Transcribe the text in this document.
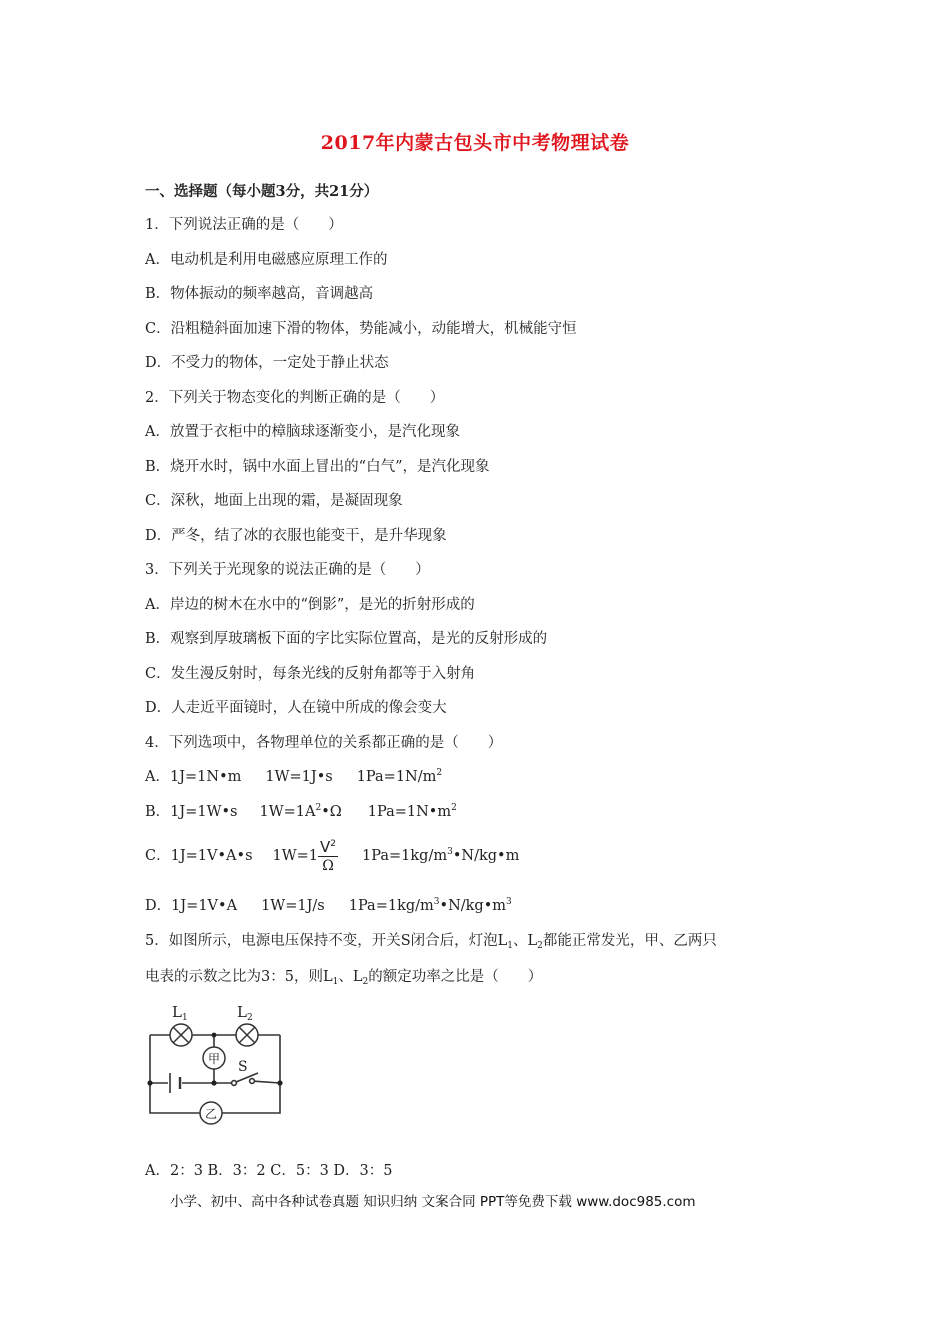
2017年内蒙古包头市中考物理试卷
一、选择题（每小题3分，共21分）
1．下列说法正确的是（　　）
A．电动机是利用电磁感应原理工作的
B．物体振动的频率越高，音调越高
C．沿粗糙斜面加速下滑的物体，势能减小，动能增大，机械能守恒
D．不受力的物体，一定处于静止状态
2．下列关于物态变化的判断正确的是（　　）
A．放置于衣柜中的樟脑球逐渐变小，是汽化现象
B．烧开水时，锅中水面上冒出的“白气”，是汽化现象
C．深秋，地面上出现的霜，是凝固现象
D．严冬，结了冰的衣服也能变干，是升华现象
3．下列关于光现象的说法正确的是（　　）
A．岸边的树木在水中的“倒影”，是光的折射形成的
B．观察到厚玻璃板下面的字比实际位置高，是光的反射形成的
C．发生漫反射时，每条光线的反射角都等于入射角
D．人走近平面镜时，人在镜中所成的像会变大
4．下列选项中，各物理单位的关系都正确的是（　　）
A．1J=1N•m 1W=1J•s $1Pa=1N/m^2$
B．1J=1W•s $1W=1A^2•\Omega$ $1Pa=1N•m^2$
C．1J=1V•A•s $1W=1 \frac{V^2}{\Omega}$ $1Pa=1kg/m^3•N/kg•m$
D．1J=1V•A 1W=1J/s $1Pa=1kg/m^3•N/kg•m^3$
5．如图所示，电源电压保持不变，开关S闭合后，灯泡$L_1$、$L_2$都能正常发光，甲、乙两只
电表的示数之比为3：5，则$L_1$、$L_2$的额定功率之比是（　　）
S
$L_1$	$L_2$
甲
乙
A．2：3 B．3：2 C．5：3 D．3：5
小学、初中、高中各种试卷真题 知识归纳 文案合同 PPT等免费下载 www.doc985.com
